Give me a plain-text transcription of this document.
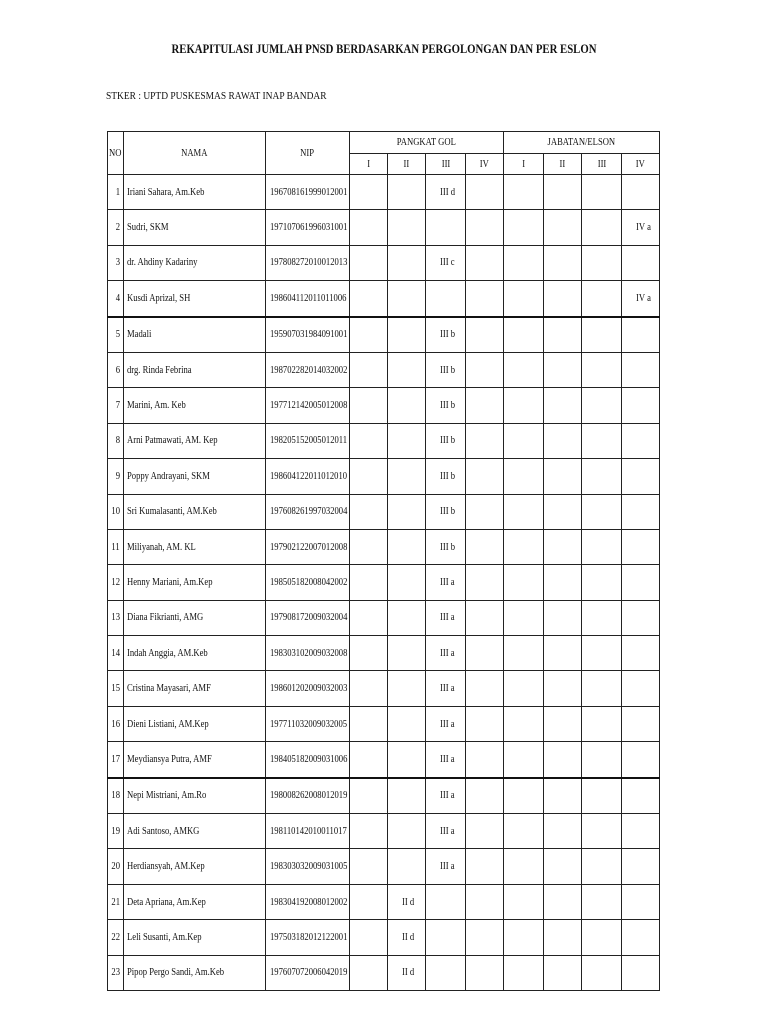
REKAPITULASI JUMLAH PNSD BERDASARKAN PERGOLONGAN DAN PER ESLON
STKER : UPTD PUSKESMAS RAWAT INAP BANDAR
NO	NAMA	NIP	PANGKAT GOL				JABATAN/ELSON			
			I	II	III	IV	I	II	III	IV
1	Iriani Sahara, Am.Keb	196708161999012001			III d					
2	Sudri, SKM	197107061996031001								IV a
3	dr. Ahdiny Kadariny	197808272010012013			III c					
4	Kusdi Aprizal, SH	198604112011011006								IV a
5	Madali	195907031984091001			III b					
6	drg. Rinda Febrina	198702282014032002			III b					
7	Marini, Am. Keb	197712142005012008			III b					
8	Arni Patmawati, AM. Kep	198205152005012011			III b					
9	Poppy Andrayani, SKM	198604122011012010			III b					
10	Sri Kumalasanti, AM.Keb	197608261997032004			III b					
11	Miliyanah, AM. KL	197902122007012008			III b					
12	Henny Mariani, Am.Kep	198505182008042002			III a					
13	Diana Fikrianti, AMG	197908172009032004			III a					
14	Indah Anggia, AM.Keb	198303102009032008			III a					
15	Cristina Mayasari, AMF	198601202009032003			III a					
16	Dieni Listiani, AM.Kep	197711032009032005			III a					
17	Meydiansya Putra, AMF	198405182009031006			III a					
18	Nepi Mistriani, Am.Ro	198008262008012019			III a					
19	Adi Santoso, AMKG	198110142010011017			III a					
20	Herdiansyah, AM.Kep	198303032009031005			III a					
21	Deta Apriana, Am.Kep	198304192008012002		II d						
22	Leli Susanti, Am.Kep	197503182012122001		II d						
23	Pipop Pergo Sandi, Am.Keb	197607072006042019		II d						
